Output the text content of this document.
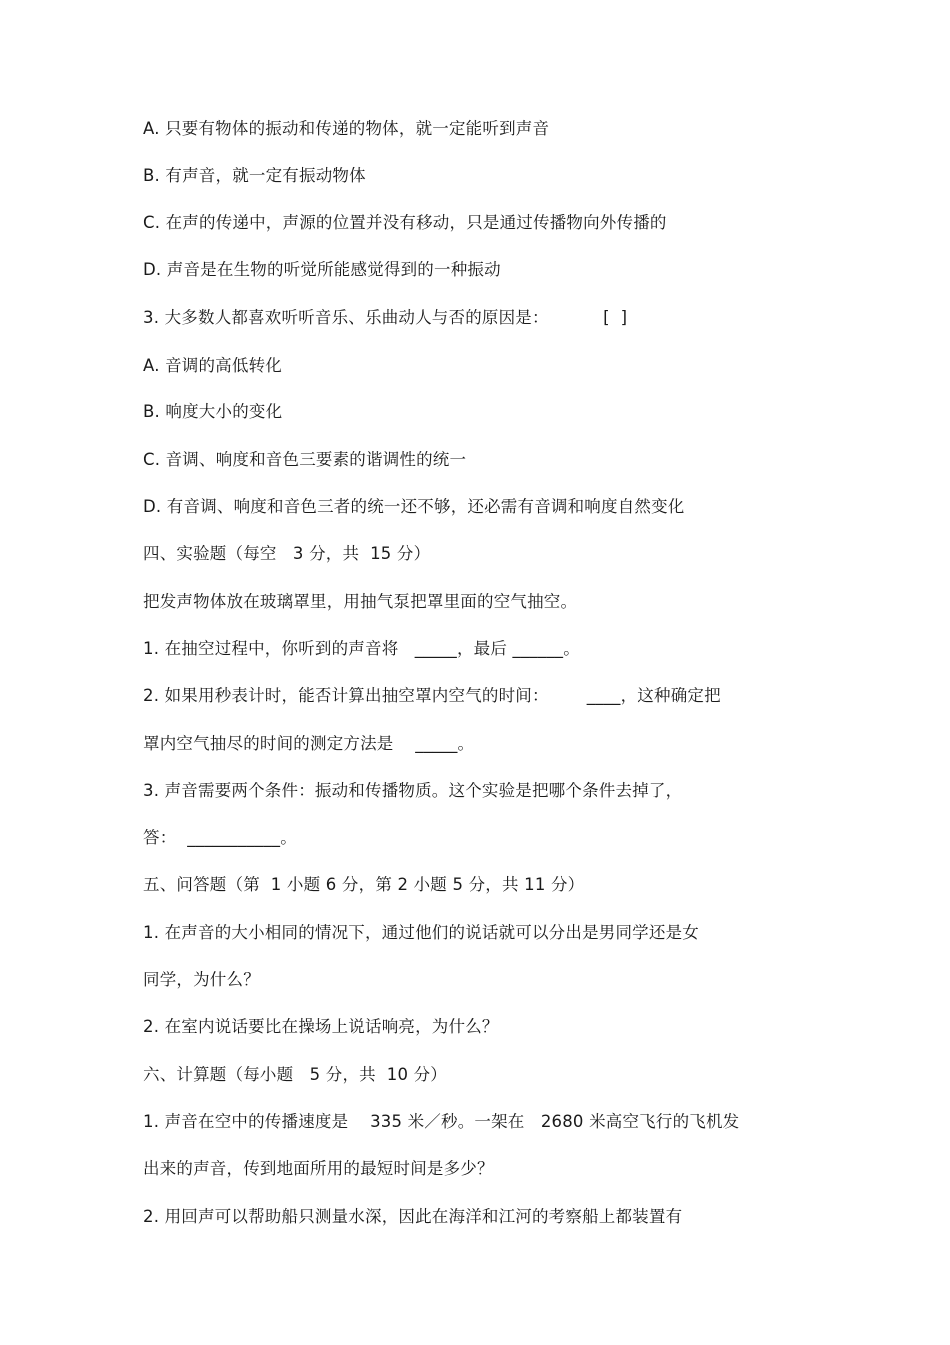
A. 只要有物体的振动和传递的物体，就一定能听到声音
B. 有声音，就一定有振动物体
C. 在声的传递中，声源的位置并没有移动，只是通过传播物向外传播的
D. 声音是在生物的听觉所能感觉得到的一种振动
3. 大多数人都喜欢听听音乐、乐曲动人与否的原因是：          [  ]
A. 音调的高低转化
B. 响度大小的变化
C. 音调、响度和音色三要素的谐调性的统一
D. 有音调、响度和音色三者的统一还不够，还必需有音调和响度自然变化
四、实验题（每空   3 分，共  15 分）
把发声物体放在玻璃罩里，用抽气泵把罩里面的空气抽空。
1. 在抽空过程中，你听到的声音将   _____，最后 ______。
2. 如果用秒表计时，能否计算出抽空罩内空气的时间：       ____，这种确定把
罩内空气抽尽的时间的测定方法是    _____。
3. 声音需要两个条件：振动和传播物质。这个实验是把哪个条件去掉了，
答：  ___________。
五、问答题（第  1 小题 6 分，第 2 小题 5 分，共 11 分）
1. 在声音的大小相同的情况下，通过他们的说话就可以分出是男同学还是女
同学，为什么？
2. 在室内说话要比在操场上说话响亮，为什么？
六、计算题（每小题   5 分，共  10 分）
1. 声音在空中的传播速度是    335 米／秒。一架在   2680 米高空飞行的飞机发
出来的声音，传到地面所用的最短时间是多少？
2. 用回声可以帮助船只测量水深，因此在海洋和江河的考察船上都装置有
